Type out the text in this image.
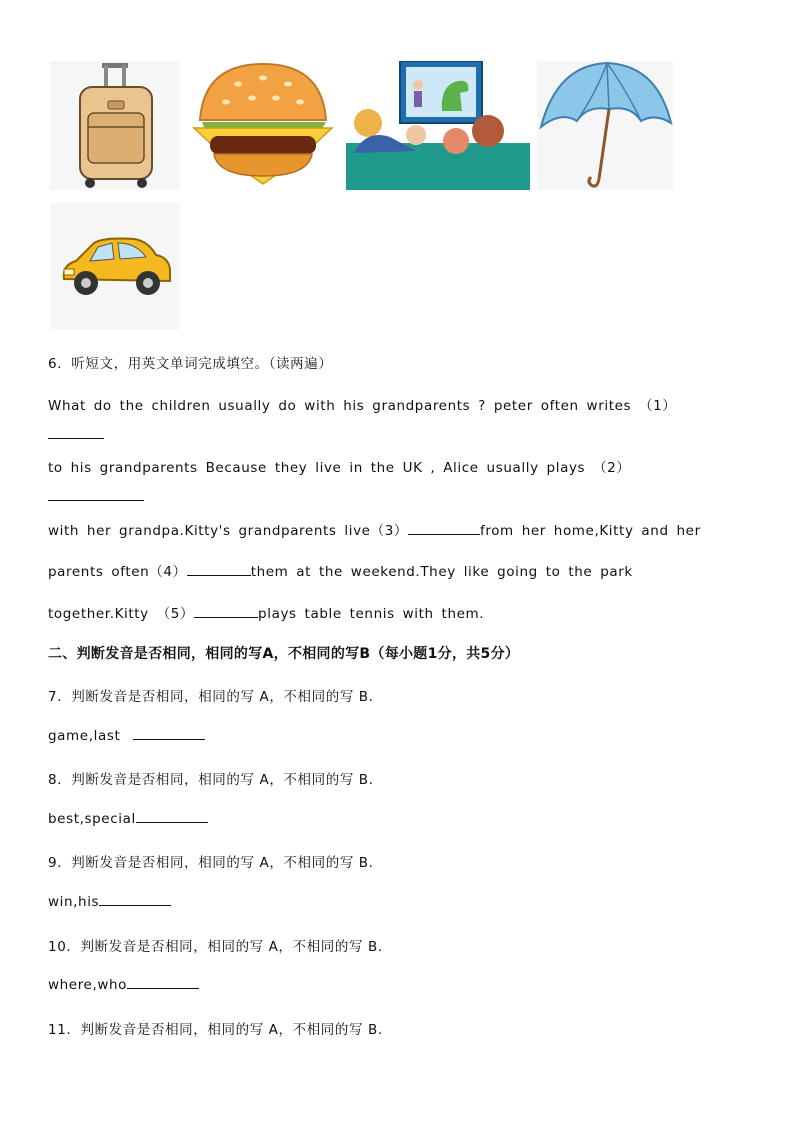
6．听短文，用英文单词完成填空。（读两遍）
What do the children usually do with his grandparents ? peter often writes （1）
to his grandparents Because they live in the UK , Alice usually plays （2）
with her grandpa.Kitty's grandparents live（3）	from her home,Kitty and her
parents often（4）	them at the weekend.They like going to the park
together.Kitty （5）	plays table tennis with them.
二、判断发音是否相同，相同的写A，不相同的写B（每小题1分，共5分）
7．判断发音是否相同，相同的写 A，不相同的写 B.
game,last
8．判断发音是否相同，相同的写 A，不相同的写 B.
best,special
9．判断发音是否相同，相同的写 A，不相同的写 B.
win,his
10．判断发音是否相同，相同的写 A，不相同的写 B.
where,who
11．判断发音是否相同，相同的写 A，不相同的写 B.
